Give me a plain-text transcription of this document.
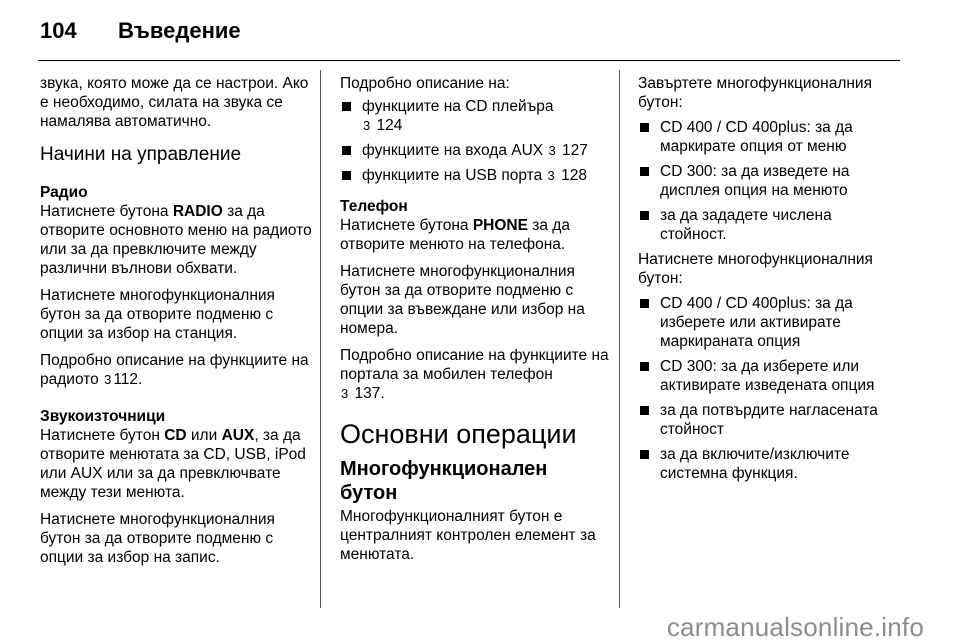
104	Въведение

звука, която може да се настрои. Ако е необходимо, силата на звука се намалява автоматично.

Начини на управление
Радио

Натиснете бутона RADIO за да отворите основното меню на радиото или за да превключите между различни вълнови обхвати.

Натиснете многофункционалния бутон за да отворите подменю с опции за избор на станция.

Подробно описание на функциите на радиото 3 112.

Звукоизточници

Натиснете бутон CD или AUX, за да отворите менютата за CD, USB, iPod или AUX или за да превключвате между тези менюта.

Натиснете многофункционалния бутон за да отворите подменю с опции за избор на запис.

Подробно описание на:

функциите на CD плейъра
3 124
функциите на входа AUX 3 127
функциите на USB порта 3 128
Телефон

Натиснете бутона PHONE за да отворите менюто на телефона.

Натиснете многофункционалния бутон за да отворите подменю с опции за въвеждане или избор на номера.

Подробно описание на функциите на портала за мобилен телефон
3 137.

Основни операции
Многофункционален бутон

Многофункционалният бутон е централният контролен елемент за менютата.

Завъртете многофункционалния бутон:

CD 400 / CD 400plus: за да маркирате опция от меню
CD 300: за да изведете на дисплея опция на менюто
за да зададете числена стойност.

Натиснете многофункционалния бутон:

CD 400 / CD 400plus: за да изберете или активирате маркираната опция
CD 300: за да изберете или активирате изведената опция
за да потвърдите нагласената стойност
за да включите/изключите системна функция.
carmanualsonline.info
